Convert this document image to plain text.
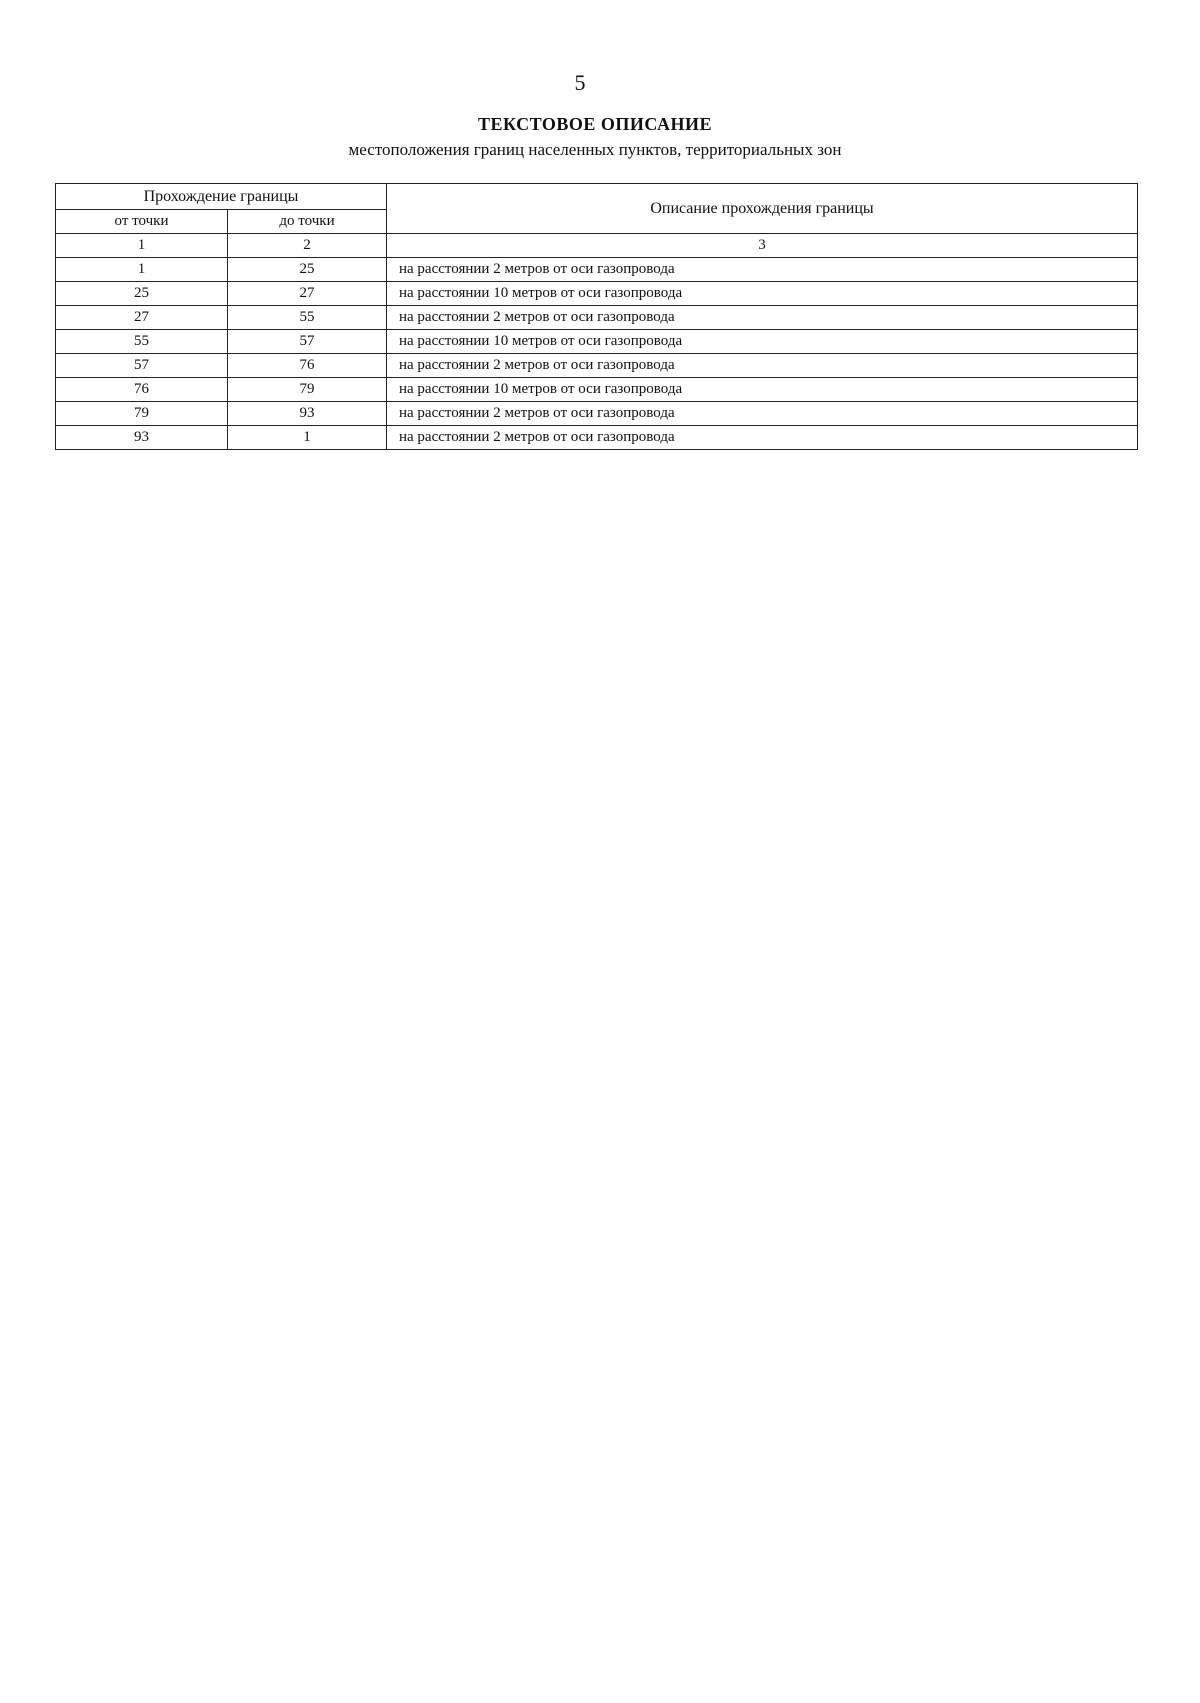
5
ТЕКСТОВОЕ ОПИСАНИЕ
местоположения границ населенных пунктов, территориальных зон
Прохождение границы		Описание прохождения границы
от точки	до точки	
1	2	3
1	25	на расстоянии 2 метров от оси газопровода
25	27	на расстоянии 10 метров от оси газопровода
27	55	на расстоянии 2 метров от оси газопровода
55	57	на расстоянии 10 метров от оси газопровода
57	76	на расстоянии 2 метров от оси газопровода
76	79	на расстоянии 10 метров от оси газопровода
79	93	на расстоянии 2 метров от оси газопровода
93	1	на расстоянии 2 метров от оси газопровода
